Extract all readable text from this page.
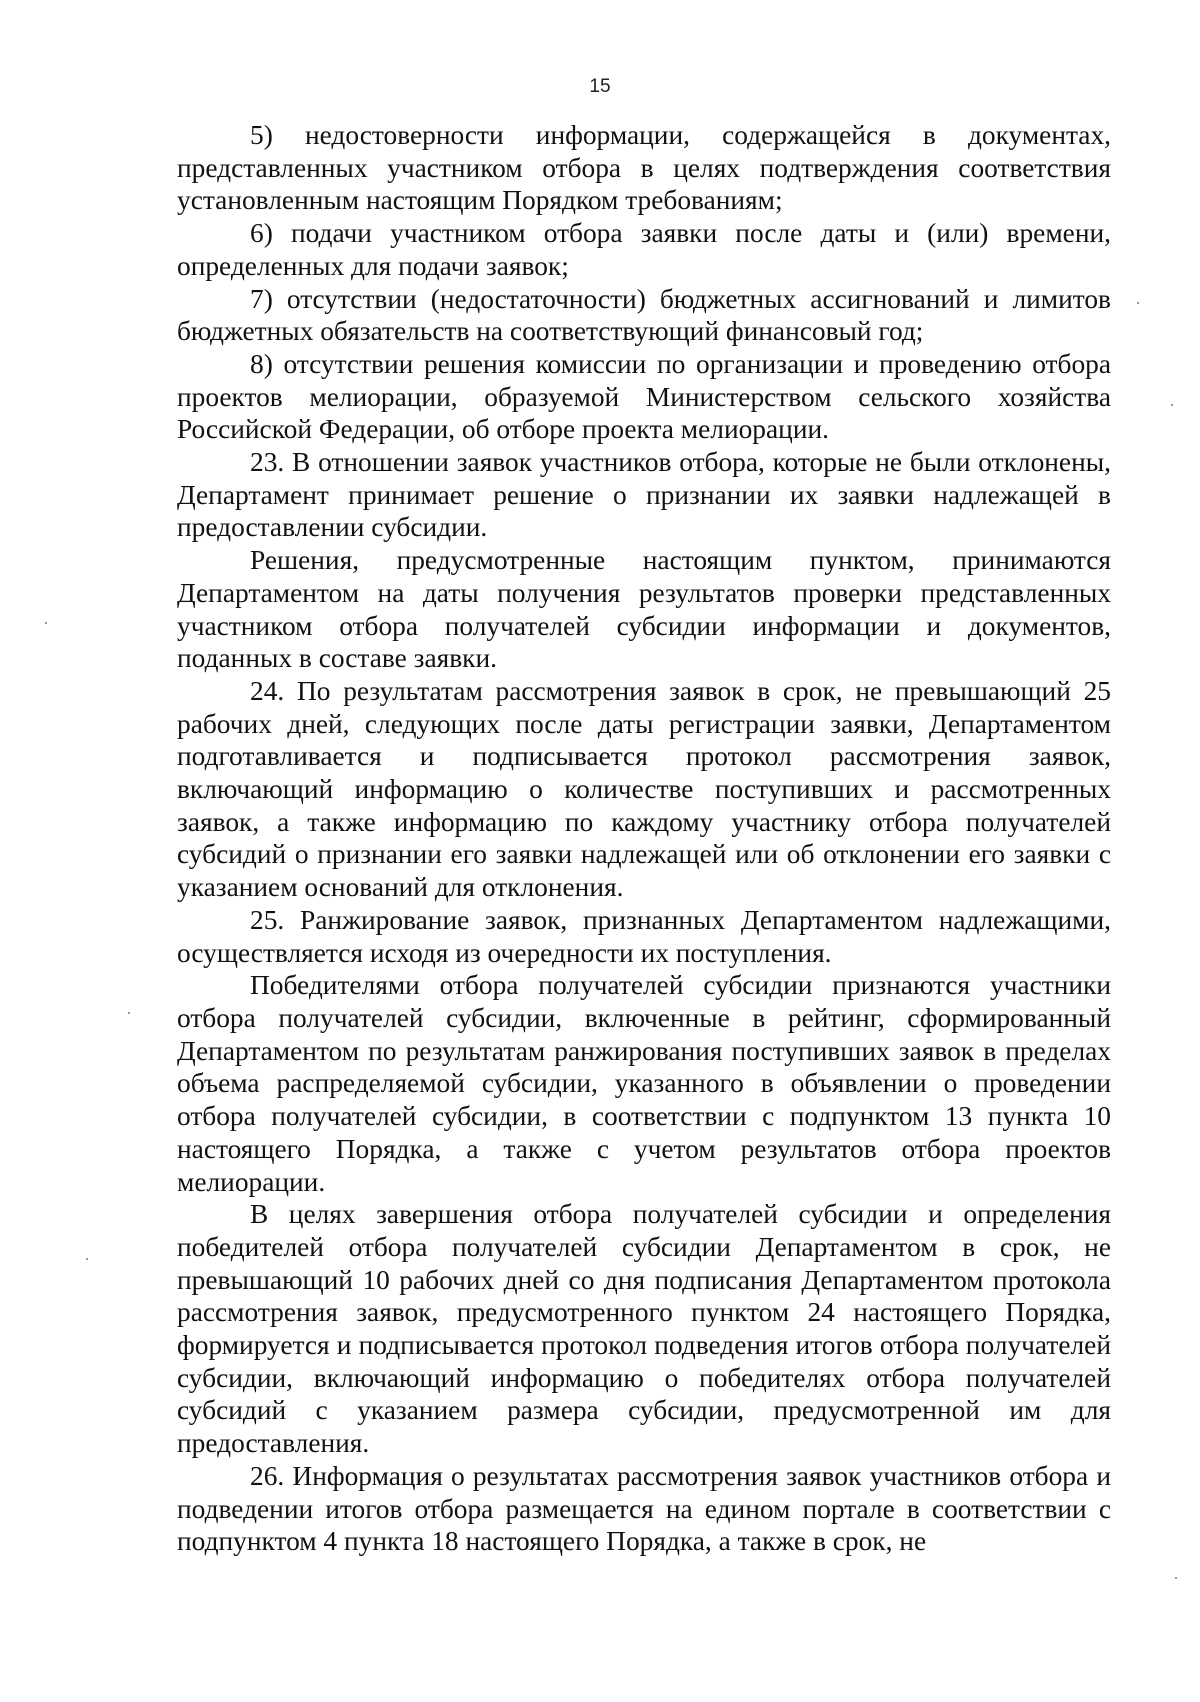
15

5) недостоверности информации, содержащейся в документах, представленных участником отбора в целях подтверждения соответствия установленным настоящим Порядком требованиям;

6) подачи участником отбора заявки после даты и (или) времени, определенных для подачи заявок;

7) отсутствии (недостаточности) бюджетных ассигнований и лимитов бюджетных обязательств на соответствующий финансовый год;

8) отсутствии решения комиссии по организации и проведению отбора проектов мелиорации, образуемой Министерством сельского хозяйства Российской Федерации, об отборе проекта мелиорации.

23. В отношении заявок участников отбора, которые не были отклонены, Департамент принимает решение о признании их заявки надлежащей в предоставлении субсидии.

Решения, предусмотренные настоящим пунктом, принимаются Департаментом на даты получения результатов проверки представленных участником отбора получателей субсидии информации и документов, поданных в составе заявки.

24. По результатам рассмотрения заявок в срок, не превышающий 25 рабочих дней, следующих после даты регистрации заявки, Департаментом подготавливается и подписывается протокол рассмотрения заявок, включающий информацию о количестве поступивших и рассмотренных заявок, а также информацию по каждому участнику отбора получателей субсидий о признании его заявки надлежащей или об отклонении его заявки с указанием оснований для отклонения.

25. Ранжирование заявок, признанных Департаментом надлежащими, осуществляется исходя из очередности их поступления.

Победителями отбора получателей субсидии признаются участники отбора получателей субсидии, включенные в рейтинг, сформированный Департаментом по результатам ранжирования поступивших заявок в пределах объема распределяемой субсидии, указанного в объявлении о проведении отбора получателей субсидии, в соответствии с подпунктом 13 пункта 10 настоящего Порядка, а также с учетом результатов отбора проектов мелиорации.

В целях завершения отбора получателей субсидии и определения победителей отбора получателей субсидии Департаментом в срок, не превышающий 10 рабочих дней со дня подписания Департаментом протокола рассмотрения заявок, предусмотренного пунктом 24 настоящего Порядка, формируется и подписывается протокол подведения итогов отбора получателей субсидии, включающий информацию о победителях отбора получателей субсидий с указанием размера субсидии, предусмотренной им для предоставления.

26. Информация о результатах рассмотрения заявок участников отбора и подведении итогов отбора размещается на едином портале в соответствии с подпунктом 4 пункта 18 настоящего Порядка, а также в срок, не
